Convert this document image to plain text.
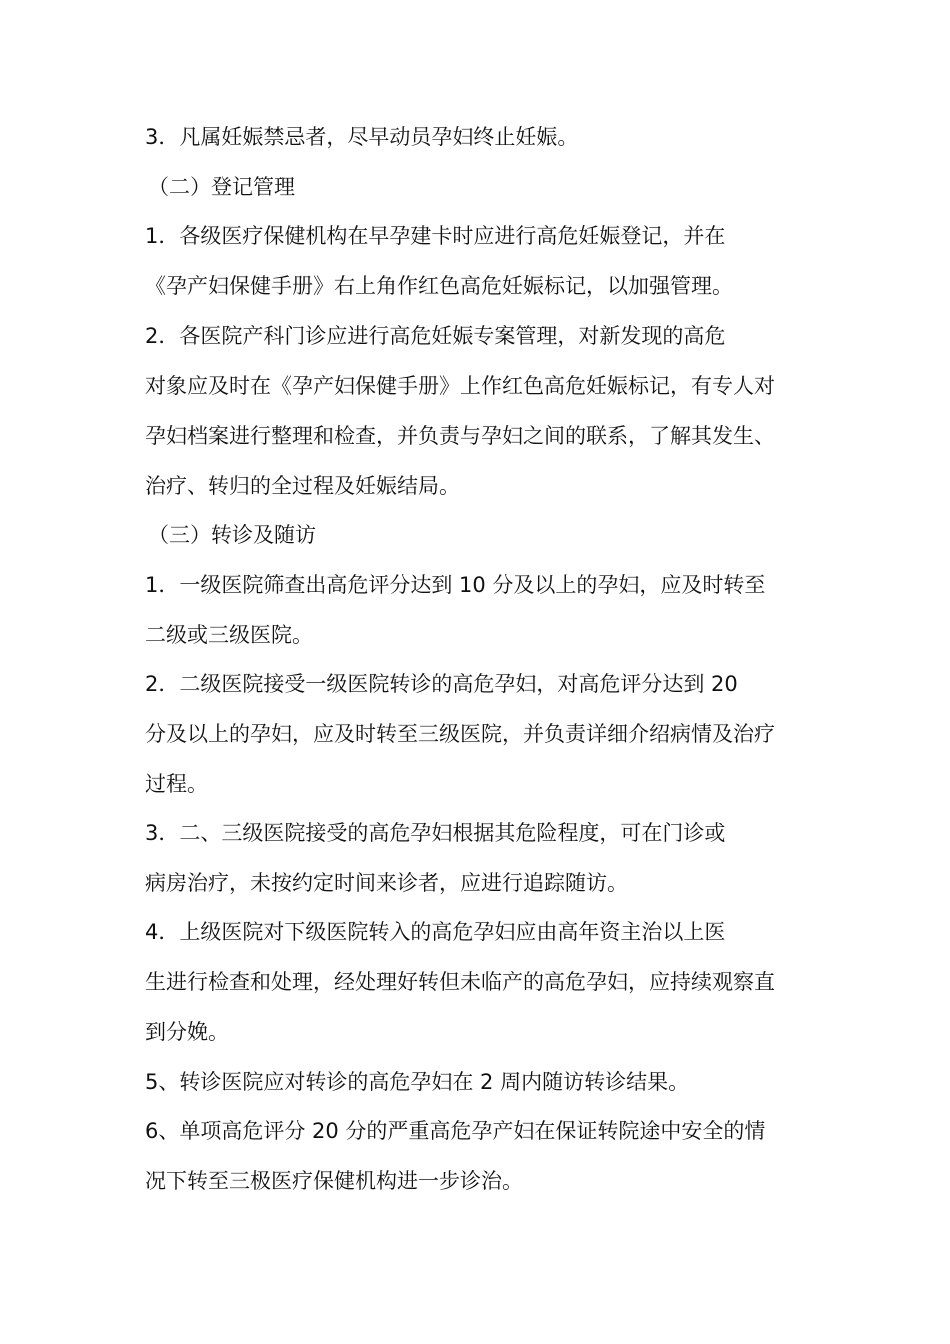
3．凡属妊娠禁忌者，尽早动员孕妇终止妊娠。
（二）登记管理
1．各级医疗保健机构在早孕建卡时应进行高危妊娠登记，并在
《孕产妇保健手册》右上角作红色高危妊娠标记，以加强管理。
2．各医院产科门诊应进行高危妊娠专案管理，对新发现的高危
对象应及时在《孕产妇保健手册》上作红色高危妊娠标记，有专人对
孕妇档案进行整理和检查，并负责与孕妇之间的联系，了解其发生、
治疗、转归的全过程及妊娠结局。
（三）转诊及随访
1．一级医院筛查出高危评分达到 10 分及以上的孕妇，应及时转至
二级或三级医院。
2．二级医院接受一级医院转诊的高危孕妇，对高危评分达到 20
分及以上的孕妇，应及时转至三级医院，并负责详细介绍病情及治疗
过程。
3．二、三级医院接受的高危孕妇根据其危险程度，可在门诊或
病房治疗，未按约定时间来诊者，应进行追踪随访。
4．上级医院对下级医院转入的高危孕妇应由高年资主治以上医
生进行检查和处理，经处理好转但未临产的高危孕妇，应持续观察直
到分娩。
5、转诊医院应对转诊的高危孕妇在 2 周内随访转诊结果。
6、单项高危评分 20 分的严重高危孕产妇在保证转院途中安全的情
况下转至三极医疗保健机构进一步诊治。
